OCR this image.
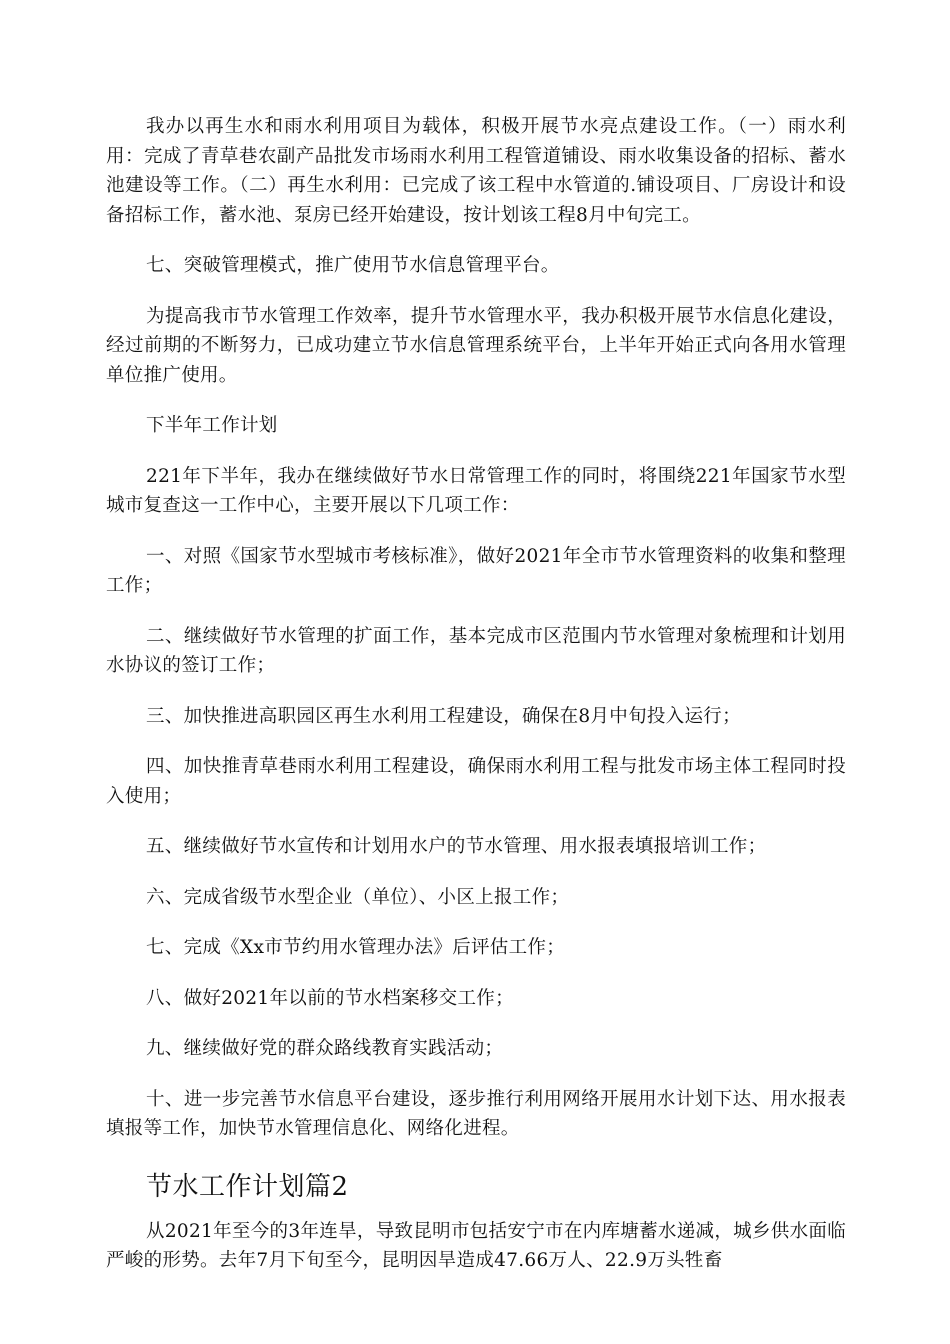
我办以再生水和雨水利用项目为载体，积极开展节水亮点建设工作。（一）雨水利用：完成了青草巷农副产品批发市场雨水利用工程管道铺设、雨水收集设备的招标、蓄水池建设等工作。（二）再生水利用：已完成了该工程中水管道的.铺设项目、厂房设计和设备招标工作，蓄水池、泵房已经开始建设，按计划该工程8月中旬完工。

七、突破管理模式，推广使用节水信息管理平台。

为提高我市节水管理工作效率，提升节水管理水平，我办积极开展节水信息化建设，经过前期的不断努力，已成功建立节水信息管理系统平台，上半年开始正式向各用水管理单位推广使用。

下半年工作计划

221年下半年，我办在继续做好节水日常管理工作的同时，将围绕221年国家节水型城市复查这一工作中心，主要开展以下几项工作：

一、对照《国家节水型城市考核标准》，做好2021年全市节水管理资料的收集和整理工作；

二、继续做好节水管理的扩面工作，基本完成市区范围内节水管理对象梳理和计划用水协议的签订工作；

三、加快推进高职园区再生水利用工程建设，确保在8月中旬投入运行；

四、加快推青草巷雨水利用工程建设，确保雨水利用工程与批发市场主体工程同时投入使用；

五、继续做好节水宣传和计划用水户的节水管理、用水报表填报培训工作；

六、完成省级节水型企业（单位）、小区上报工作；

七、完成《Xx市节约用水管理办法》后评估工作；

八、做好2021年以前的节水档案移交工作；

九、继续做好党的群众路线教育实践活动；

十、进一步完善节水信息平台建设，逐步推行利用网络开展用水计划下达、用水报表填报等工作，加快节水管理信息化、网络化进程。

节水工作计划篇2

从2021年至今的3年连旱，导致昆明市包括安宁市在内库塘蓄水递减，城乡供水面临严峻的形势。去年7月下旬至今，昆明因旱造成47.66万人、22.9万头牲畜
